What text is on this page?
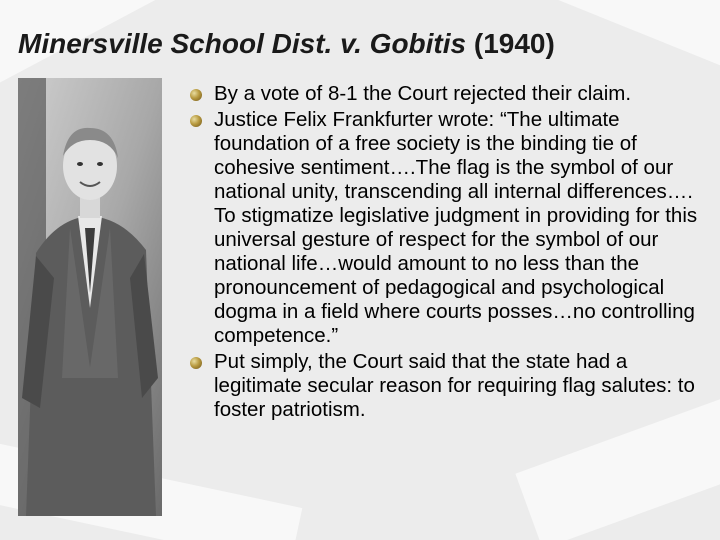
Minersville School Dist. v. Gobitis (1940)
By a vote of 8-1 the Court rejected their claim.
Justice Felix Frankfurter wrote: “The ultimate foundation of a free society is the binding tie of cohesive sentiment….The flag is the symbol of our national unity, transcending all internal differences…. To stigmatize legislative judgment in providing for this universal gesture of respect for the symbol of our national life…would amount to no less than the pronouncement of pedagogical and psychological dogma in a field where courts posses…no controlling competence.”
Put simply, the Court said that the state had a legitimate secular reason for requiring flag salutes: to foster patriotism.
